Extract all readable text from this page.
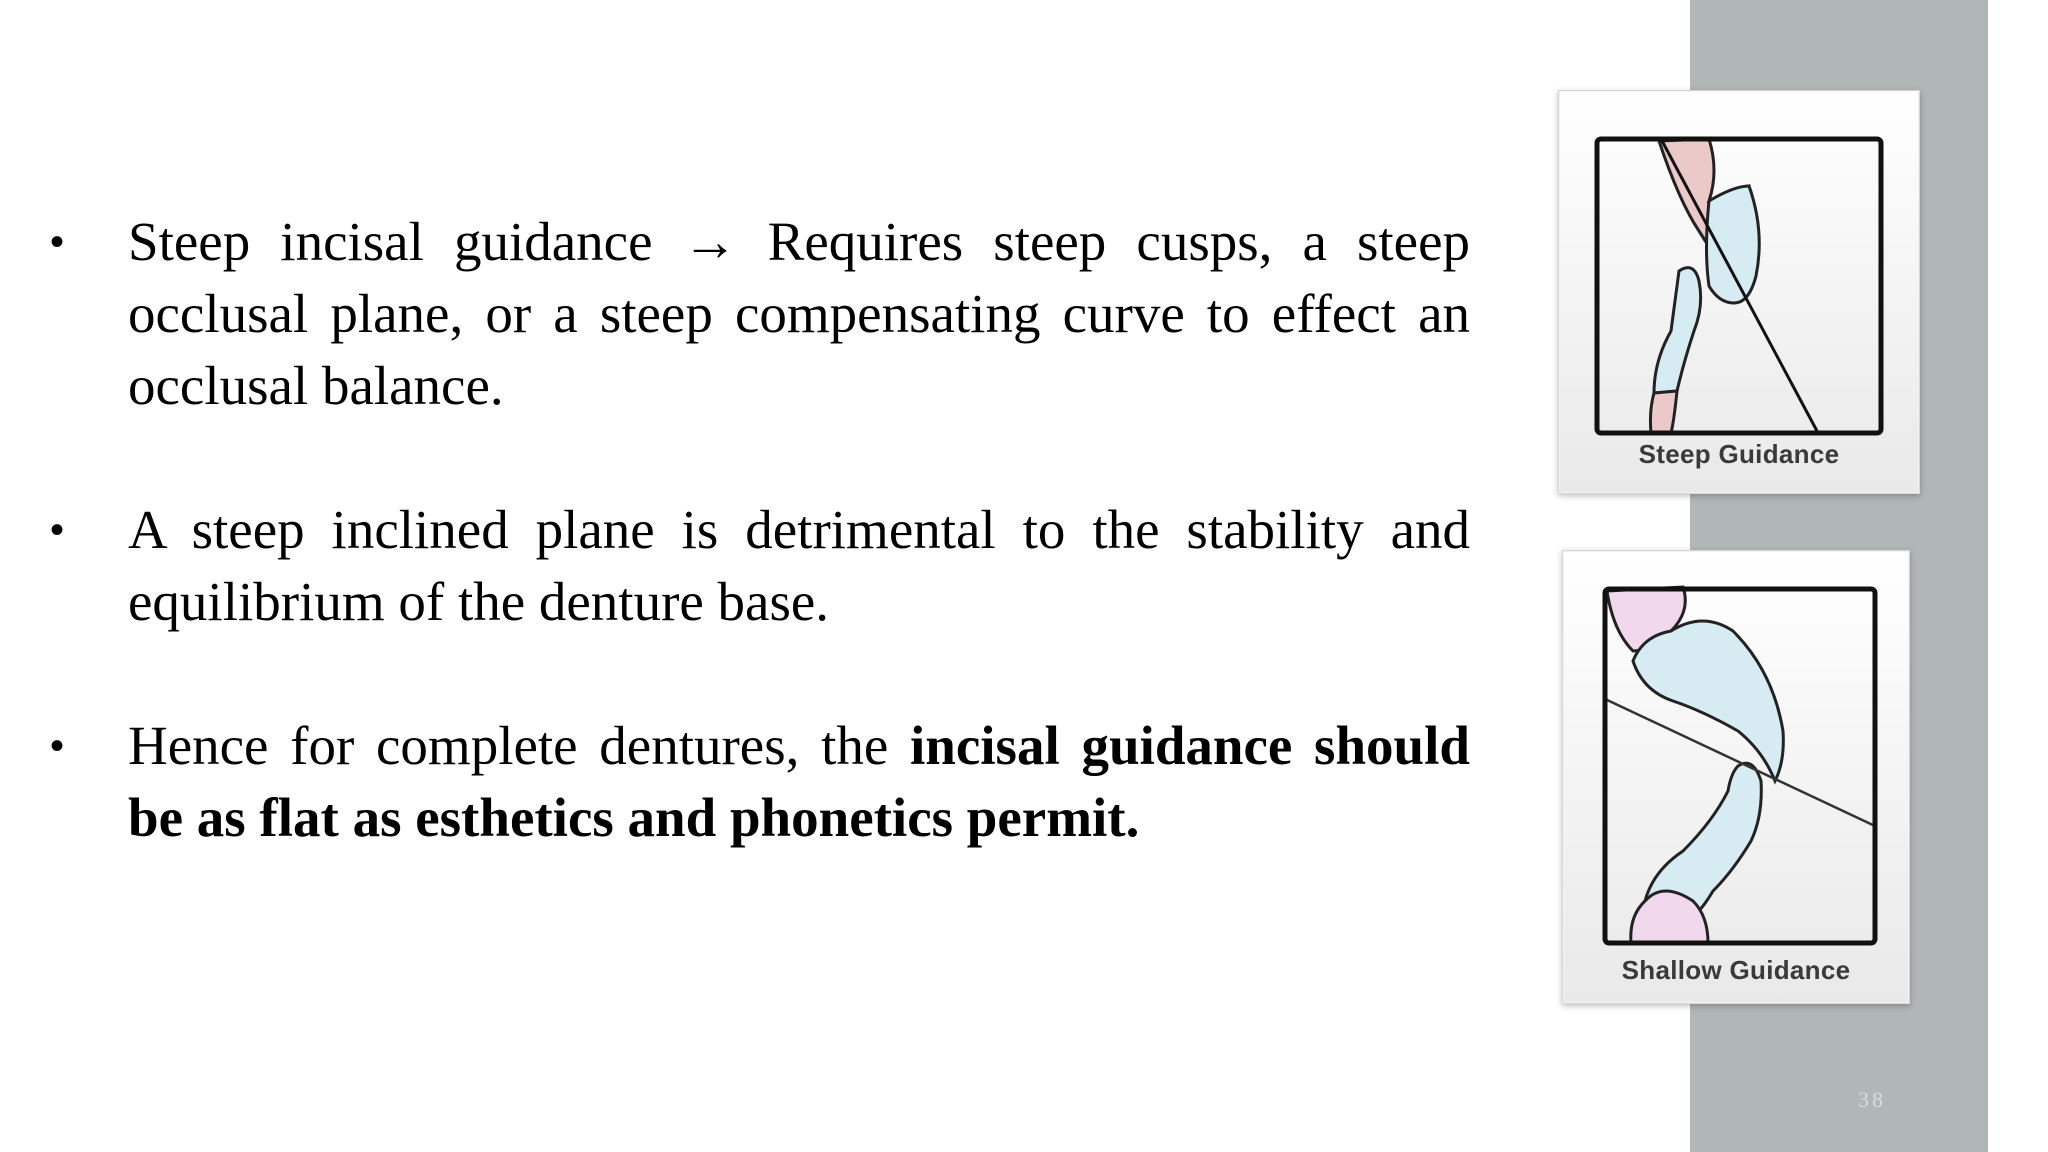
• Steep incisal guidance → Requires steep cusps, a steep occlusal plane, or a steep compensating curve to effect an occlusal balance.
• A steep inclined plane is detrimental to the stability and equilibrium of the denture base.
• Hence for complete dentures, the incisal guidance should be as flat as esthetics and phonetics permit.
Steep Guidance
Shallow Guidance
38
